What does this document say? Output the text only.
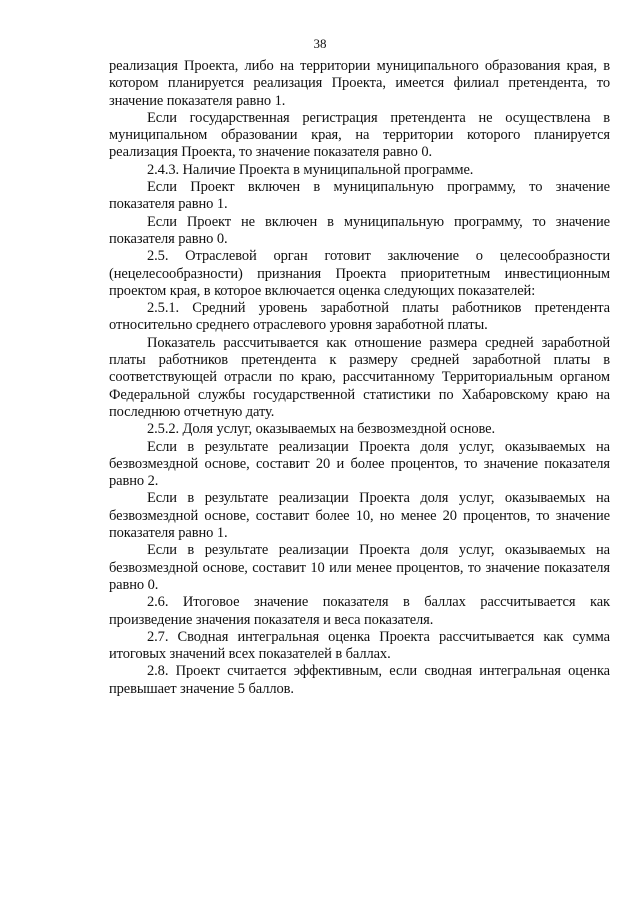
38

реализация Проекта, либо на территории муниципального образования края, в котором планируется реализация Проекта, имеется филиал претендента, то значение показателя равно 1.

Если государственная регистрация претендента не осуществлена в муниципальном образовании края, на территории которого планируется реализация Проекта, то значение показателя равно 0.

2.4.3. Наличие Проекта в муниципальной программе.

Если Проект включен в муниципальную программу, то значение показателя равно 1.

Если Проект не включен в муниципальную программу, то значение показателя равно 0.

2.5. Отраслевой орган готовит заключение о целесообразности (нецелесообразности) признания Проекта приоритетным инвестиционным проектом края, в которое включается оценка следующих показателей:

2.5.1. Средний уровень заработной платы работников претендента относительно среднего отраслевого уровня заработной платы.

Показатель рассчитывается как отношение размера средней заработной платы работников претендента к размеру средней заработной платы в соответствующей отрасли по краю, рассчитанному Территориальным органом Федеральной службы государственной статистики по Хабаровскому краю на последнюю отчетную дату.

2.5.2. Доля услуг, оказываемых на безвозмездной основе.

Если в результате реализации Проекта доля услуг, оказываемых на безвозмездной основе, составит 20 и более процентов, то значение показателя равно 2.

Если в результате реализации Проекта доля услуг, оказываемых на безвозмездной основе, составит более 10, но менее 20 процентов, то значение показателя равно 1.

Если в результате реализации Проекта доля услуг, оказываемых на безвозмездной основе, составит 10 или менее процентов, то значение показателя равно 0.

2.6. Итоговое значение показателя в баллах рассчитывается как произведение значения показателя и веса показателя.

2.7. Сводная интегральная оценка Проекта рассчитывается как сумма итоговых значений всех показателей в баллах.

2.8. Проект считается эффективным, если сводная интегральная оценка превышает значение 5 баллов.
